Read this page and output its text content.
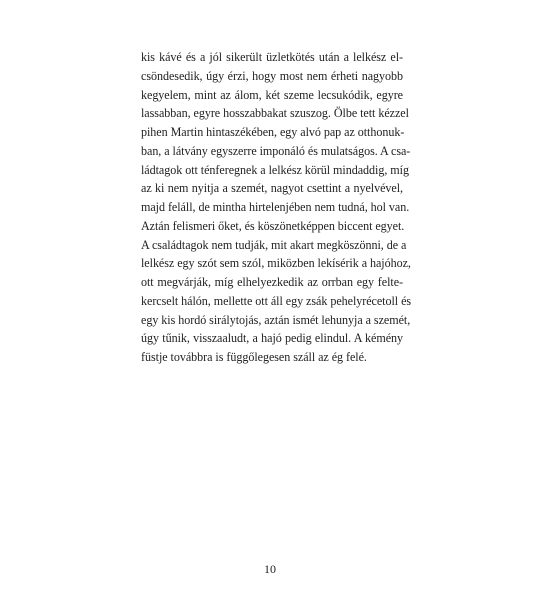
kis kávé és a jól sikerült üzletkötés után a lelkész el-
csöndesedik, úgy érzi, hogy most nem érheti nagyobb
kegyelem, mint az álom, két szeme lecsukódik, egyre
lassabban, egyre hosszabbakat szuszog. Ölbe tett kézzel
pihen Martin hintaszékében, egy alvó pap az otthonuk-
ban, a látvány egyszerre imponáló és mulatságos. A csa-
ládtagok ott ténferegnek a lelkész körül mindaddig, míg
az ki nem nyitja a szemét, nagyot csettint a nyelvével,
majd feláll, de mintha hirtelenjében nem tudná, hol van.
Aztán felismeri őket, és köszönetképpen biccent egyet.
A családtagok nem tudják, mit akart megköszönni, de a
lelkész egy szót sem szól, miközben lekísérik a hajóhoz,
ott megvárják, míg elhelyezkedik az orrban egy felte-
kercselt hálón, mellette ott áll egy zsák pehelyrécetoll és
egy kis hordó sirálytojás, aztán ismét lehunyja a szemét,
úgy tűnik, visszaaludt, a hajó pedig elindul. A kémény
füstje továbbra is függőlegesen száll az ég felé.
10
